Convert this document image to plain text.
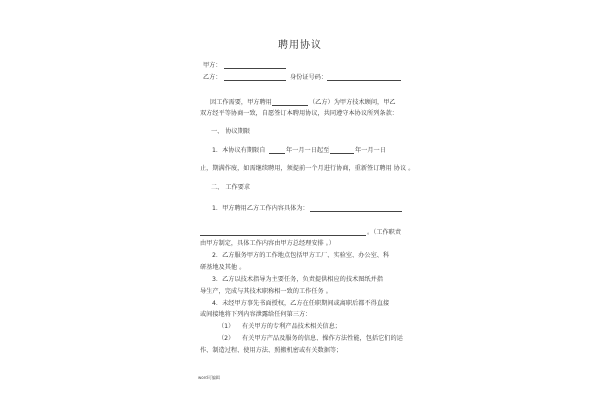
聘用协议
甲方：
乙方：	身份证号码：
因工作需要，甲方聘用	（乙方）为甲方技术顾问，甲乙
双方经平等协商一致，自愿签订本聘用协议，共同遵守本协议所列条款：
一、 协议期限
1．本协议有期限自	年一月一日起至	年一月一日
止，期满作废，如需继续聘用，须提前一个月进行协商，重新签订聘用 协议 。
二、 工作要求
1．甲方聘用乙方工作内容具体为：
。（工作职责
由甲方制定，具体工作内容由甲方总经理安排 。）
2．乙方服务甲方的工作地点包括甲方工厂、实验室、办公室、科
研基地及其他 。
3．乙方以技术指导为主要任务，负责提供相应的技术图纸并指
导生产，完成与其技术职称相一致的工作任务 。
4．未经甲方事先书面授权，乙方在任职期间或离职后都不得直接
或间接地将下列内容泄露给任何第三方：
（1） 有关甲方的专利产品技术相关信息；
（2） 有关甲方产品及服务的信息、操作方法性能，包括它们的运
作、制造过程、使用方法、照搬机密或有关数据等；
word可编辑
